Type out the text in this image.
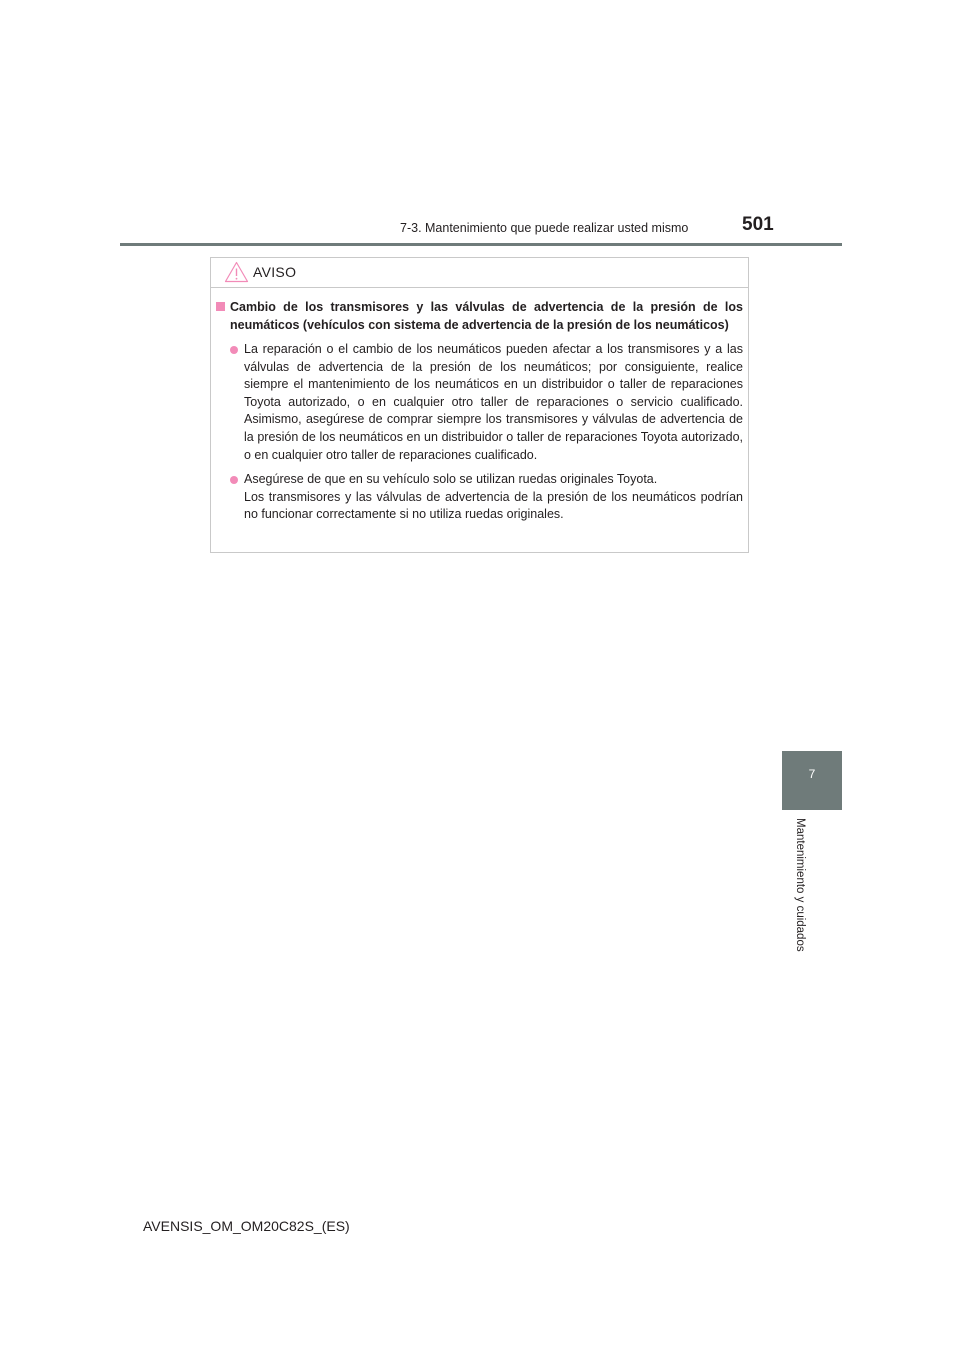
7-3. Mantenimiento que puede realizar usted mismo	501
AVISO
Cambio de los transmisores y las válvulas de advertencia de la presión de los neumáticos (vehículos con sistema de advertencia de la presión de los neumáticos)

La reparación o el cambio de los neumáticos pueden afectar a los transmisores y a las válvulas de advertencia de la presión de los neumáticos; por consiguiente, realice siempre el mantenimiento de los neumáticos en un distribuidor o taller de reparaciones Toyota autorizado, o en cualquier otro taller de reparaciones o servicio cualificado. Asimismo, asegúrese de comprar siempre los transmisores y válvulas de advertencia de la presión de los neumáticos en un distribuidor o taller de reparaciones Toyota autorizado, o en cualquier otro taller de reparaciones cualificado.

Asegúrese de que en su vehículo solo se utilizan ruedas originales Toyota.

Los transmisores y las válvulas de advertencia de la presión de los neumáticos podrían no funcionar correctamente si no utiliza ruedas originales.

7
Mantenimiento y cuidados
AVENSIS_OM_OM20C82S_(ES)
